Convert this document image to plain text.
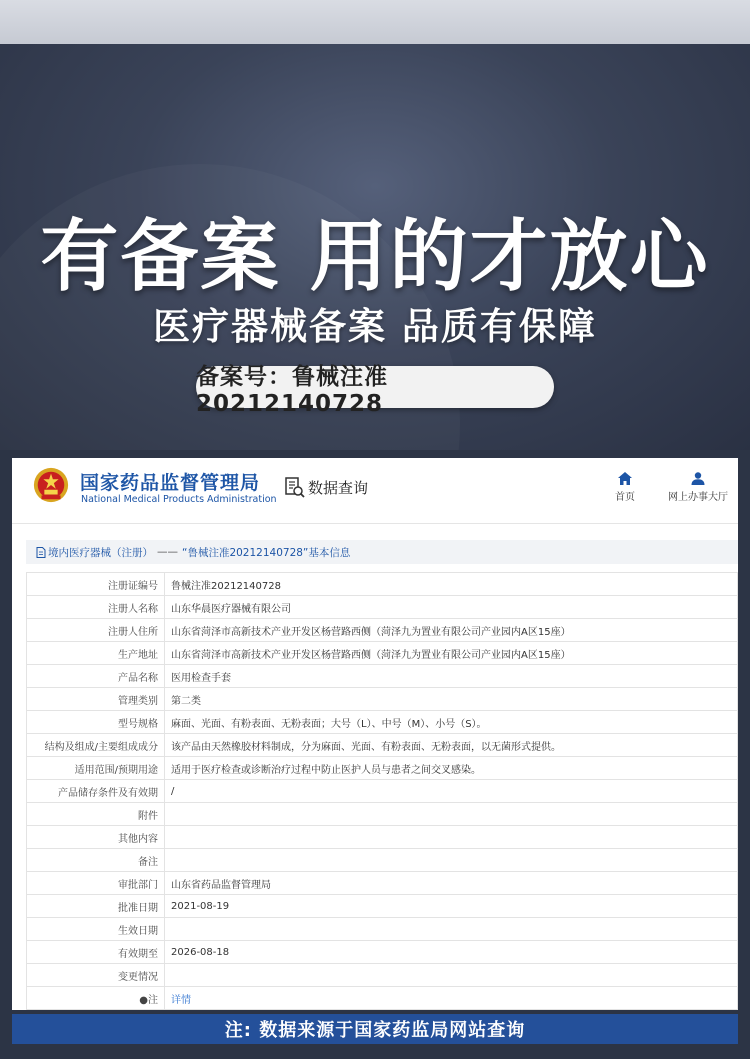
有备案 用的才放心
医疗器械备案 品质有保障
备案号：鲁械注准20212140728
国家药品监督管理局
National Medical Products Administration
数据查询
首页	网上办事大厅
境内医疗器械（注册） —— “鲁械注准20212140728”基本信息
注册证编号	鲁械注准20212140728
注册人名称	山东华晨医疗器械有限公司
注册人住所	山东省菏泽市高新技术产业开发区杨营路西侧（菏泽九为置业有限公司产业园内A区15座）
生产地址	山东省菏泽市高新技术产业开发区杨营路西侧（菏泽九为置业有限公司产业园内A区15座）
产品名称	医用检查手套
管理类别	第二类
型号规格	麻面、光面、有粉表面、无粉表面；大号（L）、中号（M）、小号（S）。
结构及组成/主要组成成分	该产品由天然橡胶材料制成，分为麻面、光面、有粉表面、无粉表面，以无菌形式提供。
适用范围/预期用途	适用于医疗检查或诊断治疗过程中防止医护人员与患者之间交叉感染。
产品储存条件及有效期	/
附件	
其他内容	
备注	
审批部门	山东省药品监督管理局
批准日期	2021-08-19
生效日期	
有效期至	2026-08-18
变更情况	
●注	详情
注: 数据来源于国家药监局网站查询
